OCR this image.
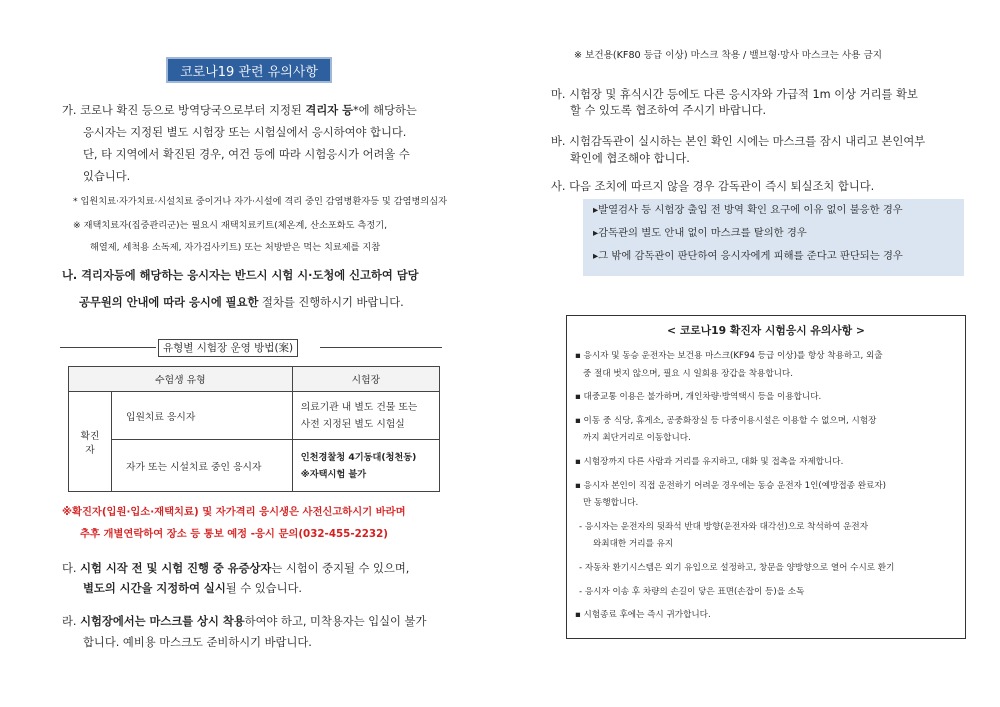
코로나19 관련 유의사항
가. 코로나 확진 등으로 방역당국으로부터 지정된 격리자 등*에 해당하는
응시자는 지정된 별도 시험장 또는 시험실에서 응시하여야 합니다.
단, 타 지역에서 확진된 경우, 여건 등에 따라 시험응시가 어려울 수
있습니다.
* 입원치료·자가치료·시설치료 중이거나 자가·시설에 격리 중인 감염병환자등 및 감염병의심자
※ 재택치료자(집중관리군)는 필요시 재택치료키트(체온계, 산소포화도 측정기,
해열제, 세척용 소독제, 자가검사키트) 또는 처방받은 먹는 치료제를 지참
나. 격리자등에 해당하는 응시자는 반드시 시험 시·도청에 신고하여 담당
공무원의 안내에 따라 응시에 필요한 절차를 진행하시기 바랍니다.
유형별 시험장 운영 방법(案)
수험생 유형		시험장
확진자	입원치료 응시자	의료기관 내 별도 건물 또는
사전 지정된 별도 시험실

	자가 또는 시설치료 중인 응시자	인천경찰청 4기동대(청천동)
※자택시험 불가
※확진자(입원·입소·재택치료) 및 자가격리 응시생은 사전신고하시기 바라며
추후 개별연락하여 장소 등 통보 예정 -응시 문의(032-455-2232)
다. 시험 시작 전 및 시험 진행 중 유증상자는 시험이 중지될 수 있으며,
별도의 시간을 지정하여 실시될 수 있습니다.
라. 시험장에서는 마스크를 상시 착용하여야 하고, 미착용자는 입실이 불가
합니다. 예비용 마스크도 준비하시기 바랍니다.
※ 보건용(KF80 등급 이상) 마스크 착용 / 밸브형·망사 마스크는 사용 금지
마. 시험장 및 휴식시간 등에도 다른 응시자와 가급적 1m 이상 거리를 확보
할 수 있도록 협조하여 주시기 바랍니다.
바. 시험감독관이 실시하는 본인 확인 시에는 마스크를 잠시 내리고 본인여부
확인에 협조해야 합니다.
사. 다음 조치에 따르지 않을 경우 감독관이 즉시 퇴실조치 합니다.
▸발열검사 등 시험장 출입 전 방역 확인 요구에 이유 없이 불응한 경우
▸감독관의 별도 안내 없이 마스크를 탈의한 경우
▸그 밖에 감독관이 판단하여 응시자에게 피해를 준다고 판단되는 경우
< 코로나19 확진자 시험응시 유의사항 >
▪ 응시자 및 동승 운전자는 보건용 마스크(KF94 등급 이상)를 항상 착용하고, 외출
중 절대 벗지 않으며, 필요 시 일회용 장갑을 착용합니다.
▪ 대중교통 이용은 불가하며, 개인차량·방역택시 등을 이용합니다.
▪ 이동 중 식당, 휴게소, 공중화장실 등 다중이용시설은 이용할 수 없으며, 시험장
까지 최단거리로 이동합니다.
▪ 시험장까지 다른 사람과 거리를 유지하고, 대화 및 접촉을 자제합니다.
▪ 응시자 본인이 직접 운전하기 어려운 경우에는 동승 운전자 1인(예방접종 완료자)
만 동행합니다.
- 응시자는 운전자의 뒷좌석 반대 방향(운전자와 대각선)으로 착석하여 운전자
와최대한 거리를 유지
- 자동차 환기시스템은 외기 유입으로 설정하고, 창문을 양방향으로 열어 수시로 환기
- 응시자 이송 후 차량의 손길이 닿은 표면(손잡이 등)을 소독
▪ 시험종료 후에는 즉시 귀가합니다.
